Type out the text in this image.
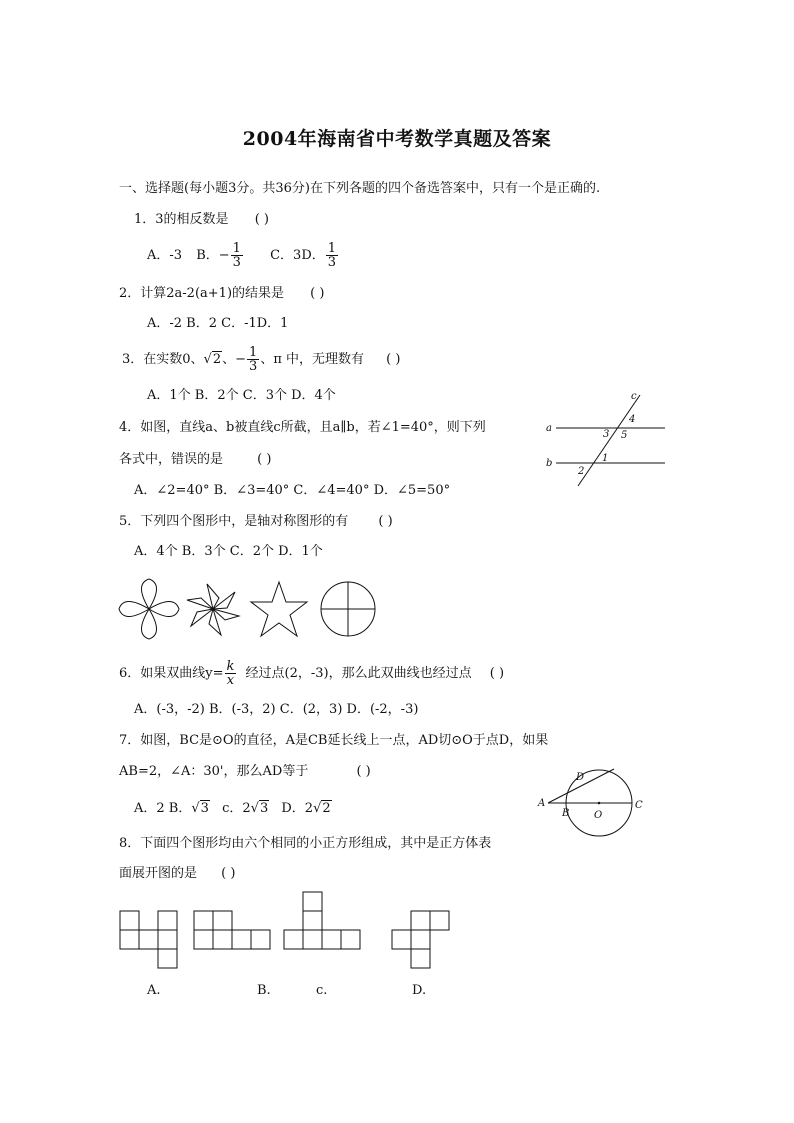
2004年海南省中考数学真题及答案
一、选择题(每小题3分。共36分)在下列各题的四个备选答案中，只有一个是正确的.
1．3的相反数是 ( )
A．-3 B．− $\frac{1}{3}$ C．3D． $\frac{1}{3}$
2．计算2a-2(a+1)的结果是 ( )
A．-2 B．2 C．-1D．1
3．在实数0、√2、− $\frac{1}{3}$ 、π 中，无理数有 ( )
A．1个 B．2个 C．3个 D．4个
4．如图，直线a、b被直线c所截，且a∥b，若∠1=40°，则下列
各式中，错误的是	( )
A．∠2=40° B．∠3=40° C．∠4=40° D．∠5=50°
a
b
c
4
3 5
1
2
5．下列四个图形中，是轴对称图形的有 ( )
A．4个 B．3个 C．2个 D．1个
6．如果双曲线$y= \frac{k}{x}$ 经过点(2，-3)，那么此双曲线也经过点 ( )
A．(-3，-2) B．(-3，2) C．(2，3) D．(-2，-3)
7．如图，BC是⊙O的直径，A是CB延长线上一点，AD切⊙O于点D，如果
AB=2，∠A：30'，那么AD等于	( )
A．2 B．√3 c．2√3 D．2√2	A
B O
C
D
8．下面四个图形均由六个相同的小正方形组成，其中是正方体表
面展开图的是 ( )
A.	B.	c.	D.
